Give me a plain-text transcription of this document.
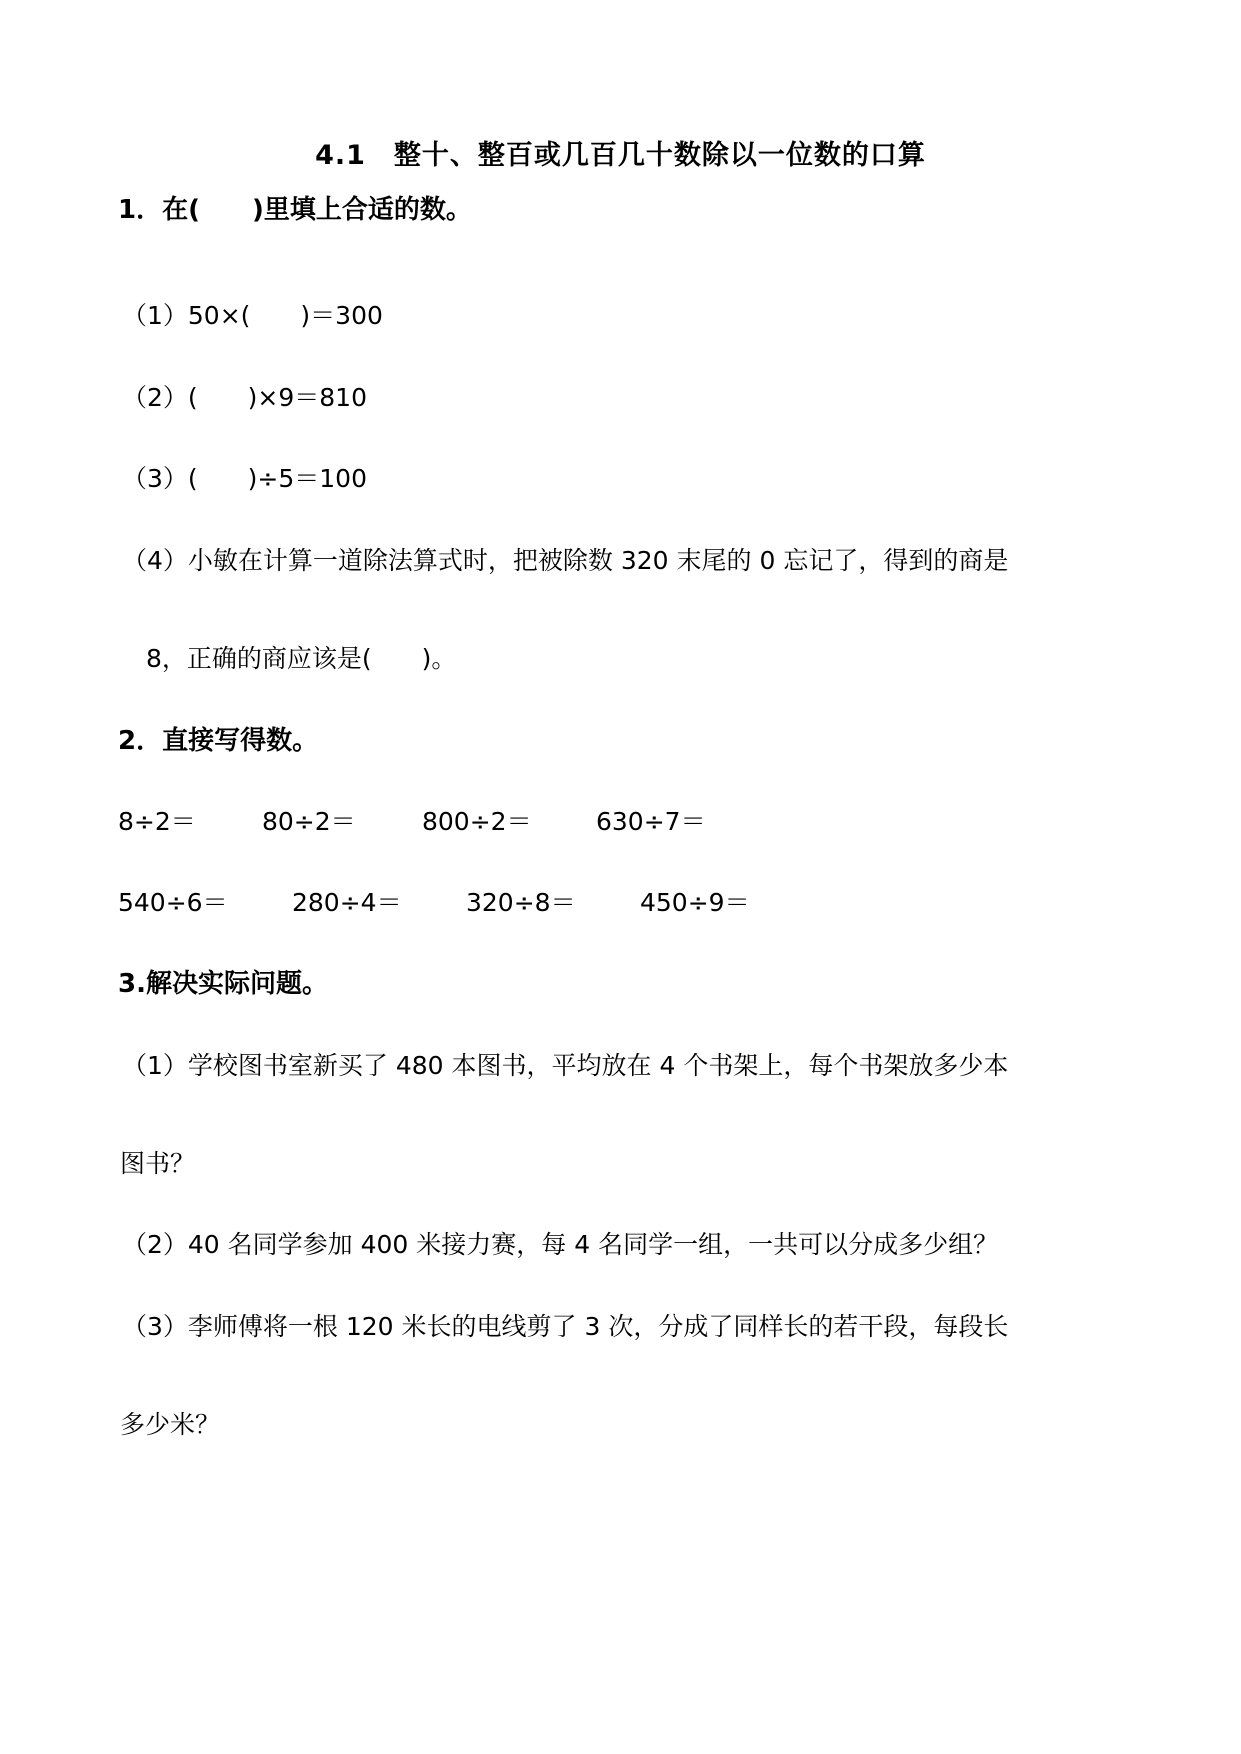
4.1　整十、整百或几百几十数除以一位数的口算
1．在(　　)里填上合适的数。
（1）50×(　　)＝300
（2）(　　)×9＝810
（3）(　　)÷5＝100
（4）小敏在计算一道除法算式时，把被除数 320 末尾的 0 忘记了，得到的商是
8，正确的商应该是(　　)。
2．直接写得数。
8÷2＝	80÷2＝	800÷2＝	630÷7＝
540÷6＝	280÷4＝	320÷8＝	450÷9＝
3.解决实际问题。
（1）学校图书室新买了 480 本图书，平均放在 4 个书架上，每个书架放多少本
图书？
（2）40 名同学参加 400 米接力赛，每 4 名同学一组，一共可以分成多少组？
（3）李师傅将一根 120 米长的电线剪了 3 次，分成了同样长的若干段，每段长
多少米？
